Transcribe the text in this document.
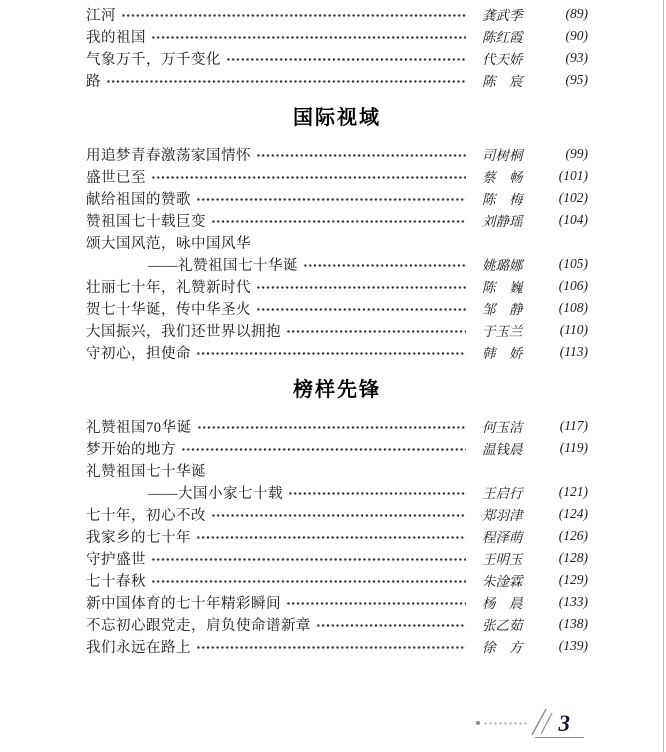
江河	龚武季	(89)
我的祖国	陈红霞	(90)
气象万千，万千变化	代天娇	(93)
路	陈　宸	(95)
国际视域
用追梦青春激荡家国情怀	司树桐	(99)
盛世已至	蔡　畅	(101)
献给祖国的赞歌	陈　梅	(102)
赞祖国七十载巨变	刘静瑶	(104)
颂大国风范，咏中国风华
——礼赞祖国七十华诞	姚璐娜	(105)
壮丽七十年，礼赞新时代	陈　巍	(106)
贺七十华诞，传中华圣火	邹　静	(108)
大国振兴，我们还世界以拥抱	于玉兰	(110)
守初心，担使命	韩　娇	(113)
榜样先锋
礼赞祖国70华诞	何玉洁	(117)
梦开始的地方	温钱晨	(119)
礼赞祖国七十华诞
——大国小家七十载	王启行	(121)
七十年，初心不改	郑羽津	(124)
我家乡的七十年	程泽萌	(126)
守护盛世	王明玉	(128)
七十春秋	朱淦霖	(129)
新中国体育的七十年精彩瞬间	杨　晨	(133)
不忘初心跟党走，肩负使命谱新章	张乙茹	(138)
我们永远在路上	徐　方	(139)
3
